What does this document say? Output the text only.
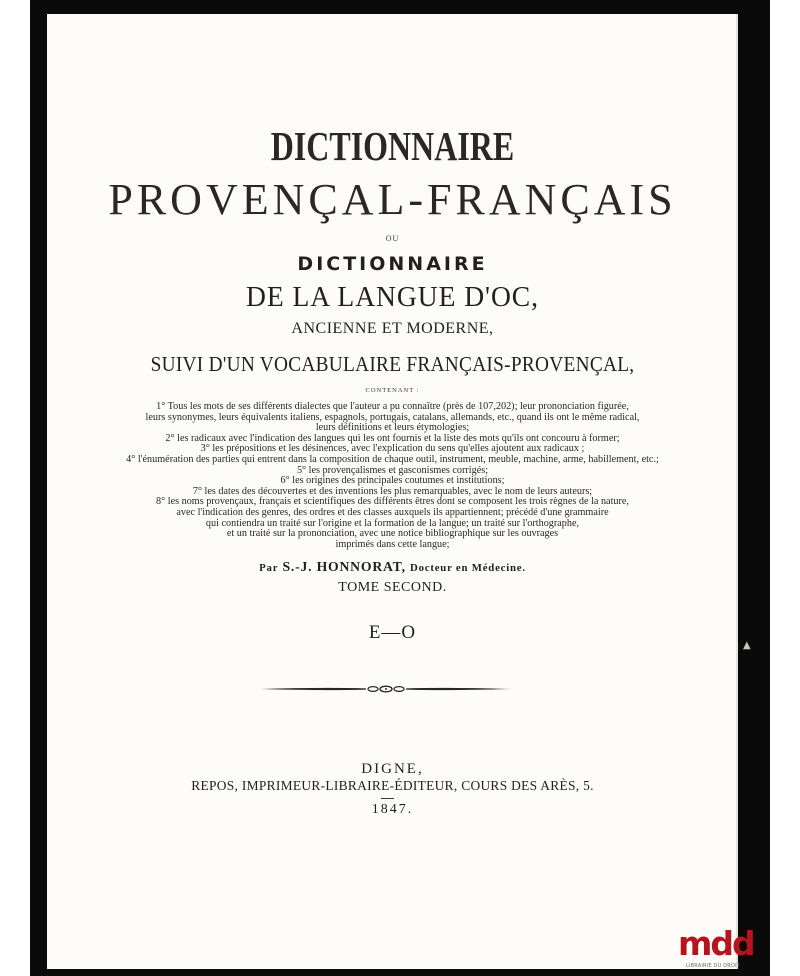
DICTIONNAIRE
PROVENÇAL-FRANÇAIS
OU
DICTIONNAIRE
DE LA LANGUE D'OC,
ANCIENNE ET MODERNE,
SUIVI D'UN VOCABULAIRE FRANÇAIS-PROVENÇAL,
CONTENANT :
1° Tous les mots de ses différents dialectes que l'auteur a pu connaître (près de 107,202); leur prononciation figurée,
leurs synonymes, leurs équivalents italiens, espagnols, portugais, catalans, allemands, etc., quand ils ont le même radical,
leurs définitions et leurs étymologies;
2° les radicaux avec l'indication des langues qui les ont fournis et la liste des mots qu'ils ont concouru à former;
3° les prépositions et les désinences, avec l'explication du sens qu'elles ajoutent aux radicaux ;
4° l'énumération des parties qui entrent dans la composition de chaque outil, instrument, meuble, machine, arme, habillement, etc.;
5° les provençalismes et gasconismes corrigés;
6° les origines des principales coutumes et institutions;
7° les dates des découvertes et des inventions les plus remarquables, avec le nom de leurs auteurs;
8° les noms provençaux, français et scientifiques des différents êtres dont se composent les trois règnes de la nature,
avec l'indication des genres, des ordres et des classes auxquels ils appartiennent; précédé d'une grammaire
qui contiendra un traité sur l'origine et la formation de la langue; un traité sur l'orthographe,
et un traité sur la prononciation, avec une notice bibliographique sur les ouvrages
imprimés dans cette langue;
Par S.-J. HONNORAT, Docteur en Médecine.
TOME SECOND.
E—O
DIGNE,
REPOS, IMPRIMEUR-LIBRAIRE-ÉDITEUR, COURS DES ARÈS, 5.
1847.
▲
mdd
LIBRAIRIE DU DROIT
